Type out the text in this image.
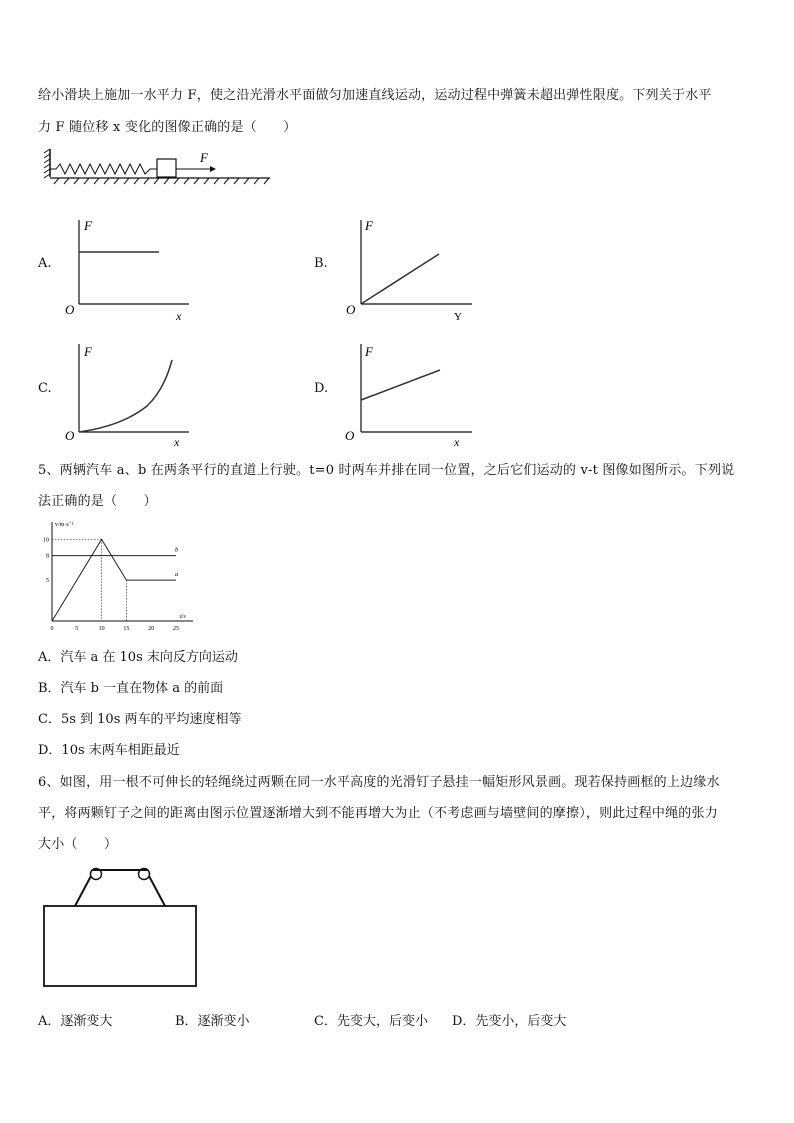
给小滑块上施加一水平力 F，使之沿光滑水平面做匀加速直线运动，运动过程中弹簧未超出弹性限度。下列关于水平
力 F 随位移 x 变化的图像正确的是（　　）
F
A.
F
O	x
B.
F
O	Y
C.
F
O	x
D.
F
O	x
5、两辆汽车 a、b 在两条平行的直道上行驶。t=0 时两车并排在同一位置，之后它们运动的 v-t 图像如图所示。下列说
法正确的是（　　）
v/m·s⁻¹
t/s
0	5	10	15	20	25
5
8
10
a
b
A．汽车 a 在 10s 末向反方向运动
B．汽车 b 一直在物体 a 的前面
C．5s 到 10s 两车的平均速度相等
D．10s 末两车相距最近
6、如图，用一根不可伸长的轻绳绕过两颗在同一水平高度的光滑钉子悬挂一幅矩形风景画。现若保持画框的上边缘水
平，将两颗钉子之间的距离由图示位置逐渐增大到不能再增大为止（不考虑画与墙壁间的摩擦），则此过程中绳的张力
大小（　　）
A．逐渐变大	B．逐渐变小	C．先变大，后变小 D．先变小，后变大
